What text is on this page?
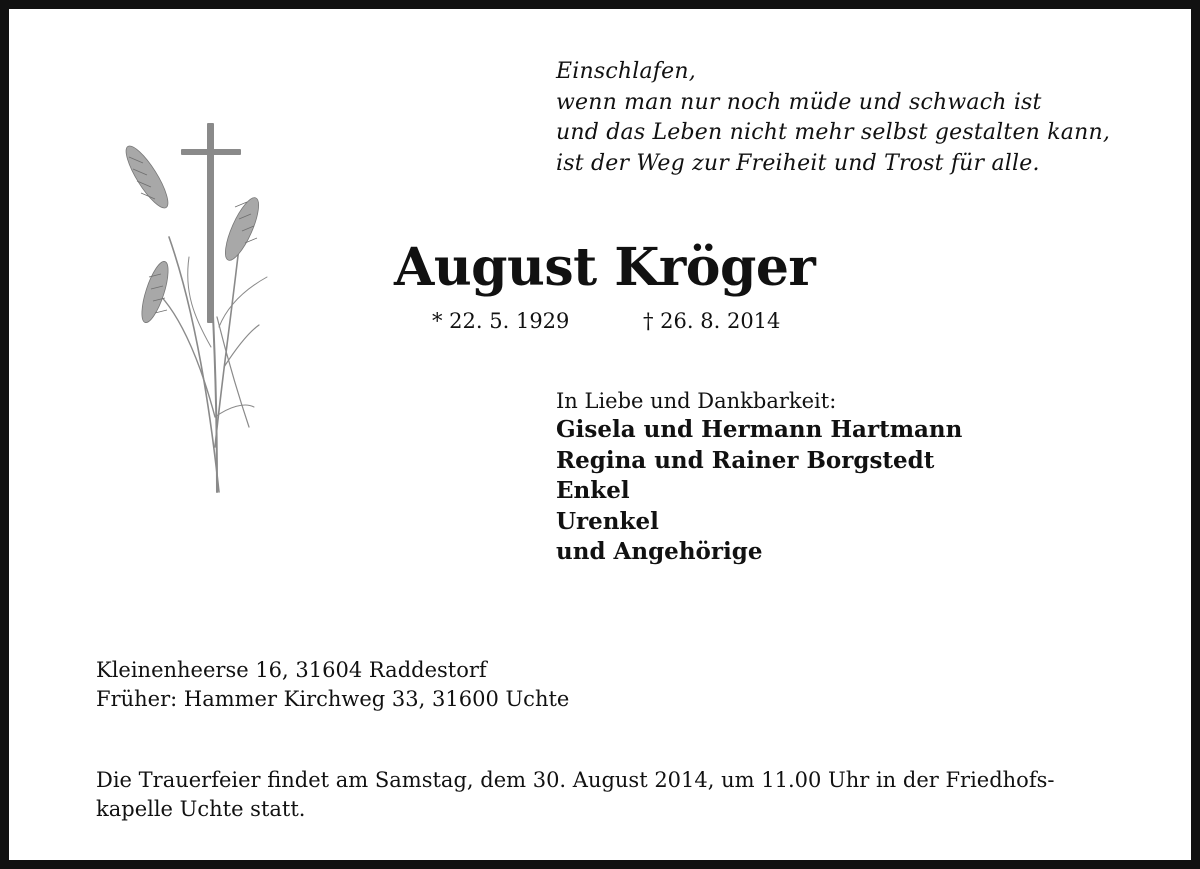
Einschlafen,
wenn man nur noch müde und schwach ist
und das Leben nicht mehr selbst gestalten kann,
ist der Weg zur Freiheit und Trost für alle.
August Kröger
* 22. 5. 1929	† 26. 8. 2014
In Liebe und Dankbarkeit:
Gisela und Hermann Hartmann
Regina und Rainer Borgstedt
Enkel
Urenkel
und Angehörige
Kleinenheerse 16, 31604 Raddestorf
Früher: Hammer Kirchweg 33, 31600 Uchte
Die Trauerfeier findet am Samstag, dem 30. August 2014, um 11.00 Uhr in der Friedhofs-
kapelle Uchte statt.
